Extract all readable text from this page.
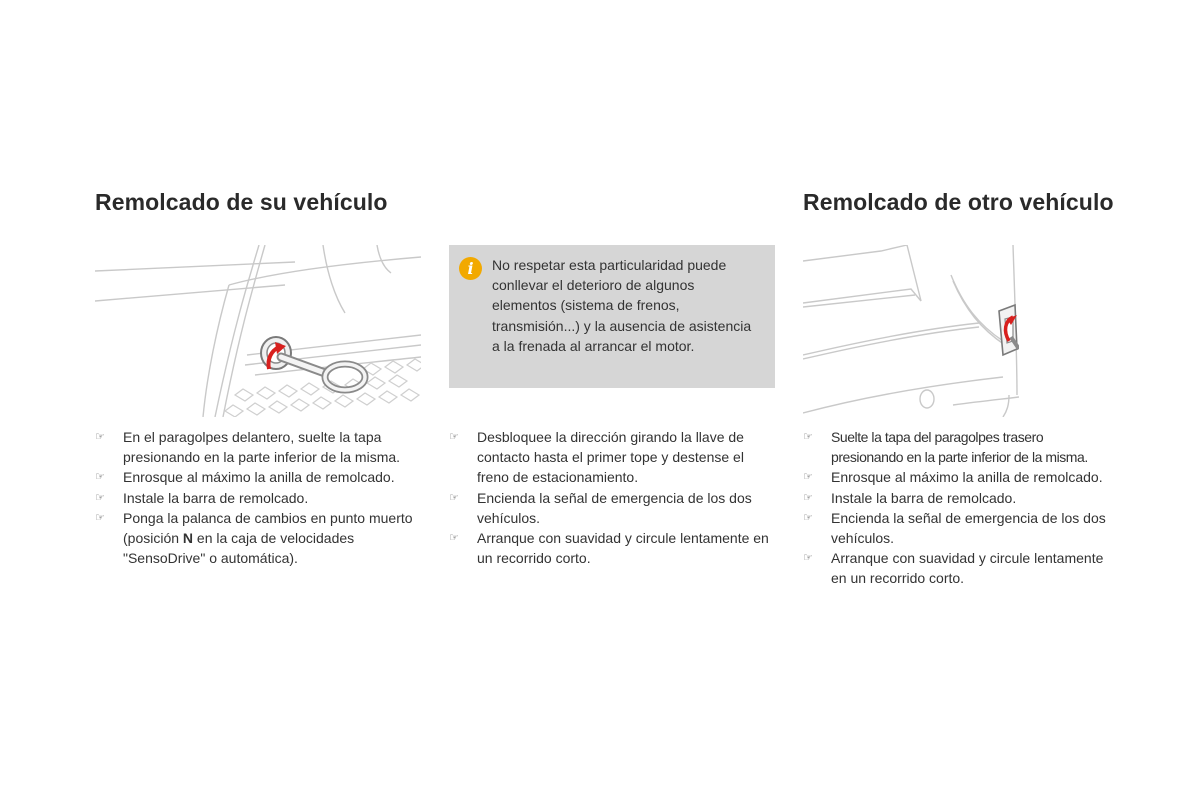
Remolcado de su vehículo	Remolcado de otro vehículo
i No respetar esta particularidad puede conllevar el deterioro de algunos elementos (sistema de frenos, transmisión...) y la ausencia de asistencia a la frenada al arrancar el motor.

☞ En el paragolpes delantero, suelte la tapa presionando en la parte inferior de la misma.
☞ Enrosque al máximo la anilla de remolcado.
☞ Instale la barra de remolcado.
☞ Ponga la palanca de cambios en punto muerto (posición N en la caja de velocidades "SensoDrive" o automática).
☞ Desbloquee la dirección girando la llave de contacto hasta el primer tope y destense el freno de estacionamiento.
☞ Encienda la señal de emergencia de los dos vehículos.
☞ Arranque con suavidad y circule lentamente en un recorrido corto.
☞ Suelte la tapa del paragolpes trasero presionando en la parte inferior de la misma.
☞ Enrosque al máximo la anilla de remolcado.
☞ Instale la barra de remolcado.
☞ Encienda la señal de emergencia de los dos vehículos.
☞ Arranque con suavidad y circule lentamente en un recorrido corto.
